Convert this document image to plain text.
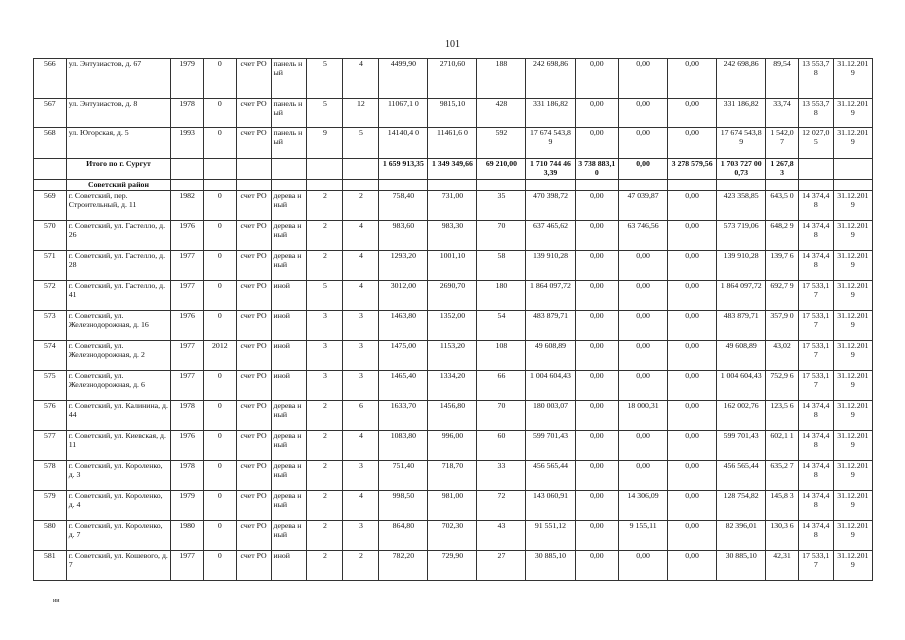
101
566	ул. Энтузиастов, д. 67	1979	0	счет РО	панель ный	5	4	4499,90	2710,60	188	242 698,86	0,00	0,00	0,00	242 698,86	89,54	13 553,7 8	31.12.201 9
567	ул. Энтузиастов, д. 8	1978	0	счет РО	панель ный	5	12	11067,1 0	9815,10	428	331 186,82	0,00	0,00	0,00	331 186,82	33,74	13 553,7 8	31.12.201 9
568	ул. Югорская, д. 5	1993	0	счет РО	панель ный	9	5	14140,4 0	11461,6 0	592	17 674 543,89	0,00	0,00	0,00	17 674 543,89	1 542,0 7	12 027,0 5	31.12.201 9
	Итого по г. Сургут							1 659 913,35	1 349 349,66	69 210,00	1 710 744 463,39	3 738 883,1 0	0,00	3 278 579,56	1 703 727 000,73	1 267,8 3		
	Советский район																	
569	г. Советский, пер. Строительный, д. 11	1982	0	счет РО	дерева нный	2	2	758,40	731,00	35	470 398,72	0,00	47 039,87	0,00	423 358,85	643,5 0	14 374,4 8	31.12.201 9
570	г. Советский, ул. Гастелло, д. 26	1976	0	счет РО	дерева нный	2	4	983,60	983,30	70	637 465,62	0,00	63 746,56	0,00	573 719,06	648,2 9	14 374,4 8	31.12.201 9
571	г. Советский, ул. Гастелло, д. 28	1977	0	счет РО	дерева нный	2	4	1293,20	1001,10	58	139 910,28	0,00	0,00	0,00	139 910,28	139,7 6	14 374,4 8	31.12.201 9
572	г. Советский, ул. Гастелло, д. 41	1977	0	счет РО	иной	5	4	3012,00	2690,70	180	1 864 097,72	0,00	0,00	0,00	1 864 097,72	692,7 9	17 533,1 7	31.12.201 9
573	г. Советский, ул. Железнодорожная, д. 16	1976	0	счет РО	иной	3	3	1463,80	1352,00	54	483 879,71	0,00	0,00	0,00	483 879,71	357,9 0	17 533,1 7	31.12.201 9
574	г. Советский, ул. Железнодорожная, д. 2	1977	2012	счет РО	иной	3	3	1475,00	1153,20	108	49 608,89	0,00	0,00	0,00	49 608,89	43,02	17 533,1 7	31.12.201 9
575	г. Советский, ул. Железнодорожная, д. 6	1977	0	счет РО	иной	3	3	1465,40	1334,20	66	1 004 604,43	0,00	0,00	0,00	1 004 604,43	752,9 6	17 533,1 7	31.12.201 9
576	г. Советский, ул. Калинина, д. 44	1978	0	счет РО	дерева нный	2	6	1633,70	1456,80	70	180 003,07	0,00	18 000,31	0,00	162 002,76	123,5 6	14 374,4 8	31.12.201 9
577	г. Советский, ул. Киевская, д. 11	1976	0	счет РО	дерева нный	2	4	1083,80	996,00	60	599 701,43	0,00	0,00	0,00	599 701,43	602,1 1	14 374,4 8	31.12.201 9
578	г. Советский, ул. Короленко, д. 3	1978	0	счет РО	дерева нный	2	3	751,40	718,70	33	456 565,44	0,00	0,00	0,00	456 565,44	635,2 7	14 374,4 8	31.12.201 9
579	г. Советский, ул. Короленко, д. 4	1979	0	счет РО	дерева нный	2	4	998,50	981,00	72	143 060,91	0,00	14 306,09	0,00	128 754,82	145,8 3	14 374,4 8	31.12.201 9
580	г. Советский, ул. Короленко, д. 7	1980	0	счет РО	дерева нный	2	3	864,80	702,30	43	91 551,12	0,00	9 155,11	0,00	82 396,01	130,3 6	14 374,4 8	31.12.201 9
581	г. Советский, ул. Кошевого, д. 7	1977	0	счет РО	иной	2	2	782,20	729,90	27	30 885,10	0,00	0,00	0,00	30 885,10	42,31	17 533,1 7	31.12.201 9
ии
